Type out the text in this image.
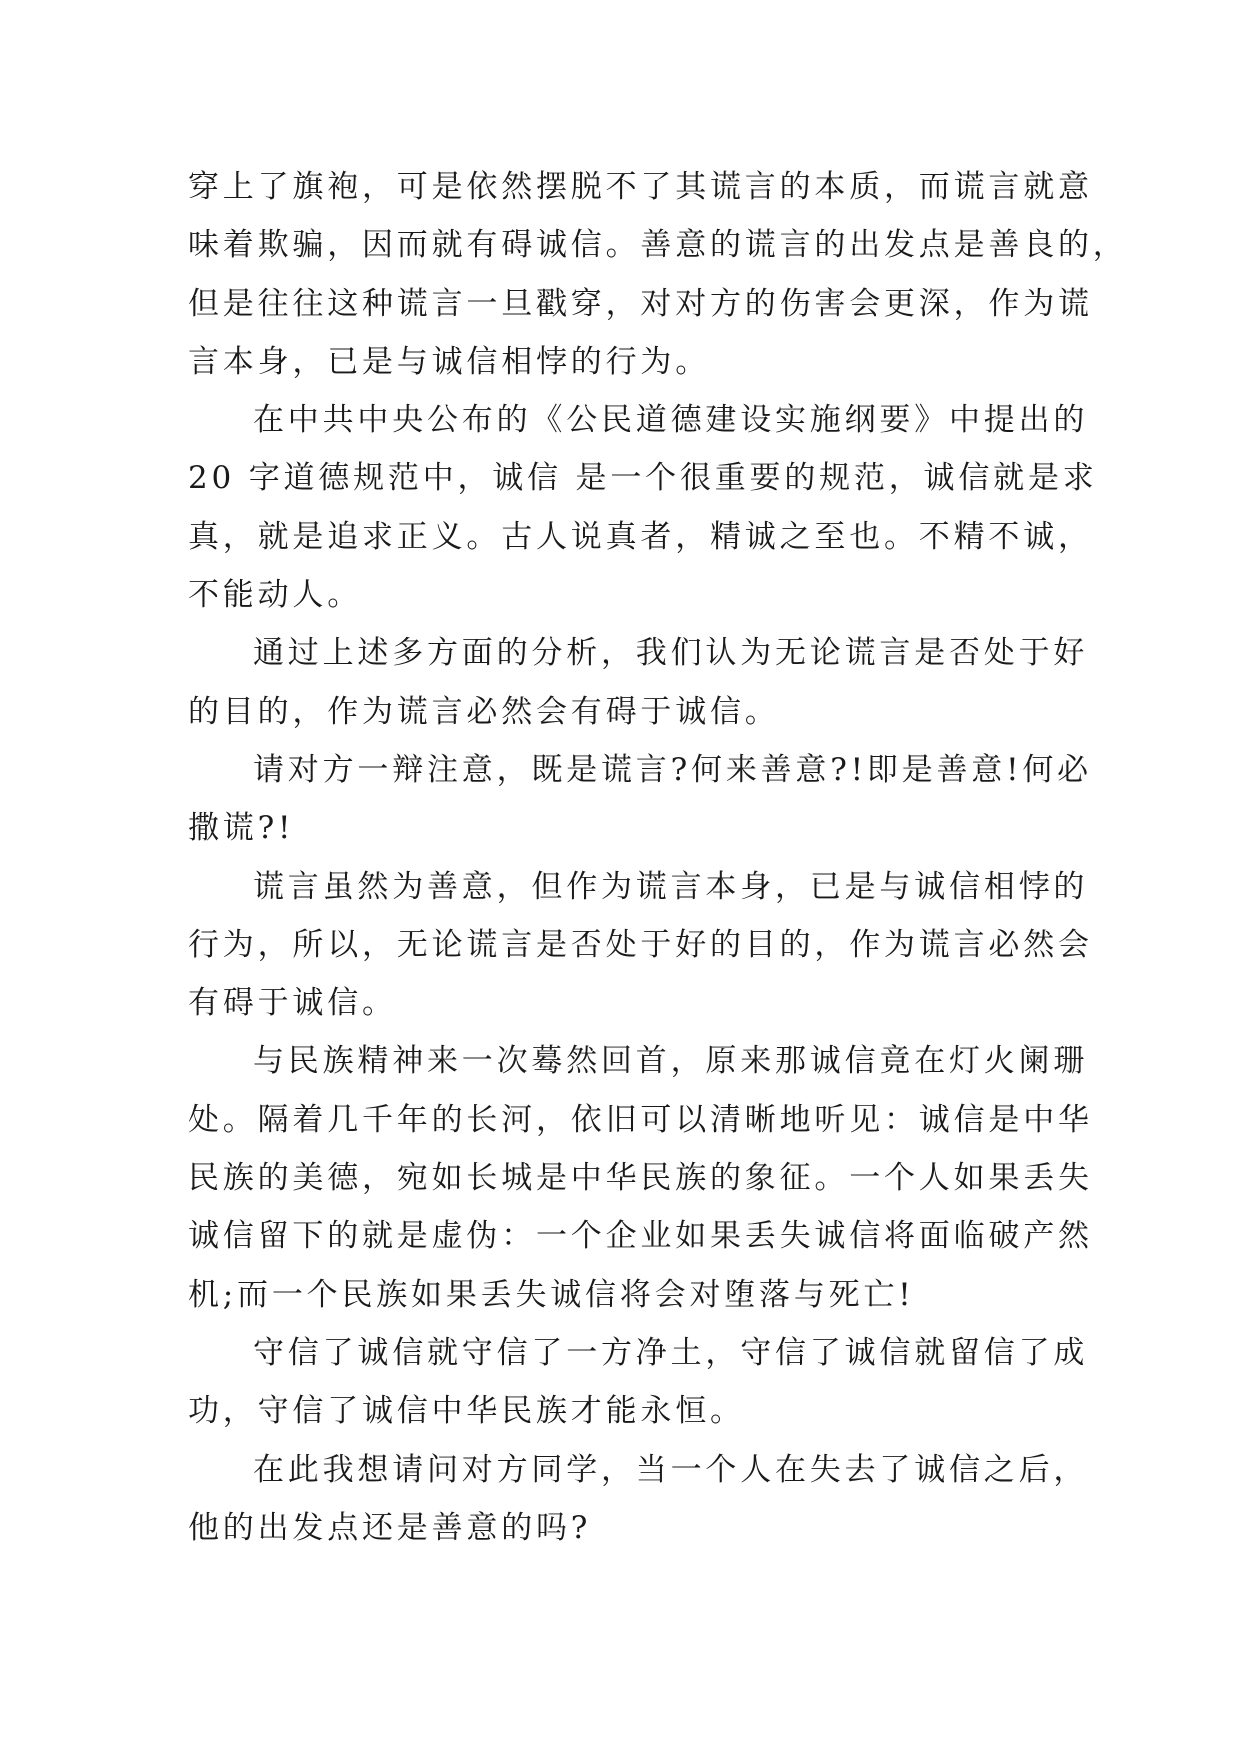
穿上了旗袍，可是依然摆脱不了其谎言的本质，而谎言就意
味着欺骗，因而就有碍诚信。善意的谎言的出发点是善良的，
但是往往这种谎言一旦戳穿，对对方的伤害会更深，作为谎
言本身，已是与诚信相悖的行为。
在中共中央公布的《公民道德建设实施纲要》中提出的
20 字道德规范中，诚信 是一个很重要的规范，诚信就是求
真，就是追求正义。古人说真者，精诚之至也。不精不诚，
不能动人。
通过上述多方面的分析，我们认为无论谎言是否处于好
的目的，作为谎言必然会有碍于诚信。
请对方一辩注意，既是谎言?何来善意?!即是善意!何必
撒谎?!
谎言虽然为善意，但作为谎言本身，已是与诚信相悖的
行为，所以，无论谎言是否处于好的目的，作为谎言必然会
有碍于诚信。
与民族精神来一次蓦然回首，原来那诚信竟在灯火阑珊
处。隔着几千年的长河，依旧可以清晰地听见：诚信是中华
民族的美德，宛如长城是中华民族的象征。一个人如果丢失
诚信留下的就是虚伪：一个企业如果丢失诚信将面临破产然
机;而一个民族如果丢失诚信将会对堕落与死亡!
守信了诚信就守信了一方净土，守信了诚信就留信了成
功，守信了诚信中华民族才能永恒。
在此我想请问对方同学，当一个人在失去了诚信之后，
他的出发点还是善意的吗?
